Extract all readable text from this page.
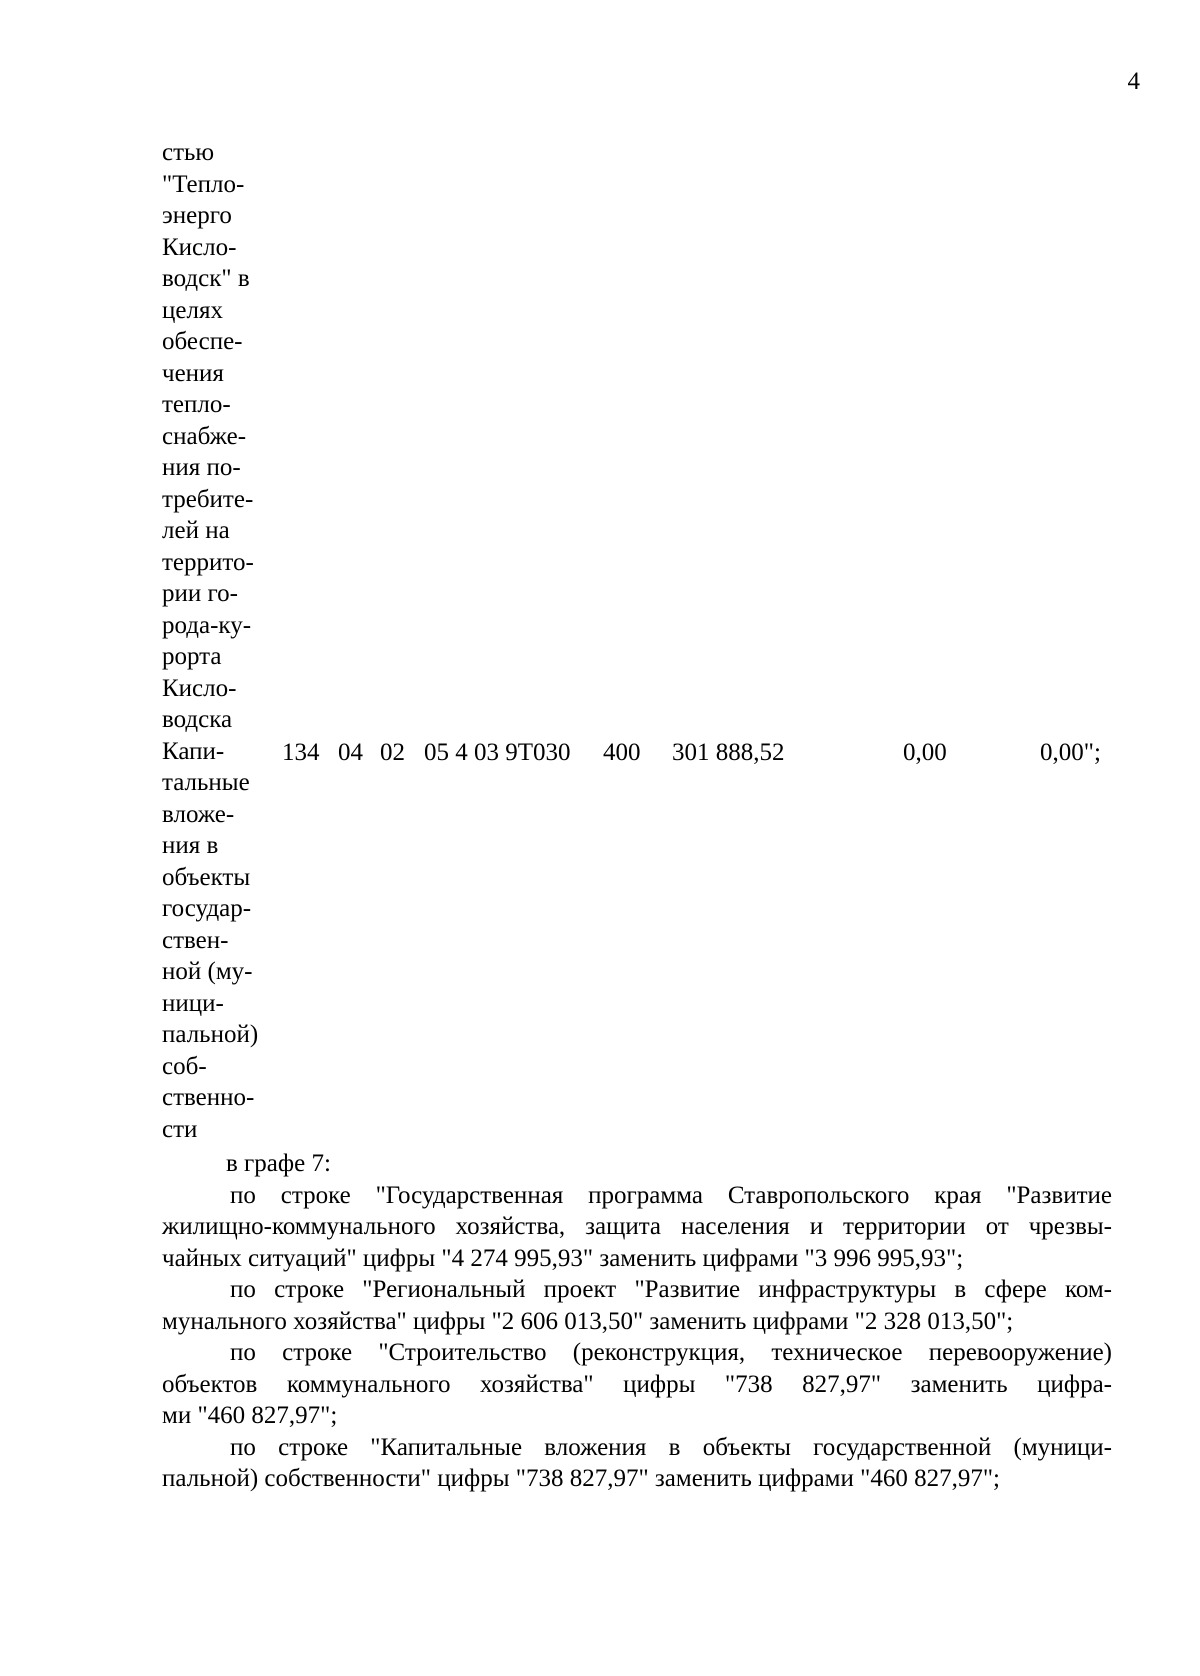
4
стью
"Тепло-
энерго
Кисло-
водск" в
целях
обеспе-
чения
тепло-
снабже-
ния по-
требите-
лей на
террито-
рии го-
рода-ку-
рорта
Кисло-
водска
Капи-
тальные
вложе-
ния в
объекты
государ-
ствен-
ной (му-
ници-
пальной)
соб-
ственно-
сти
134 04 02 05 4 03 9Т030 400 301 888,52	0,00	0,00";

в графе 7:

по строке "Государственная программа Ставропольского края "Развитие

жилищно-коммунального хозяйства, защита населения и территории от чрезвы-

чайных ситуаций" цифры "4 274 995,93" заменить цифрами "3 996 995,93";

по строке "Региональный проект "Развитие инфраструктуры в сфере ком-

мунального хозяйства" цифры "2 606 013,50" заменить цифрами "2 328 013,50";

по строке "Строительство (реконструкция, техническое перевооружение)

объектов коммунального хозяйства" цифры "738 827,97" заменить цифра-

ми "460 827,97";

по строке "Капитальные вложения в объекты государственной (муници-

пальной) собственности" цифры "738 827,97" заменить цифрами "460 827,97";
